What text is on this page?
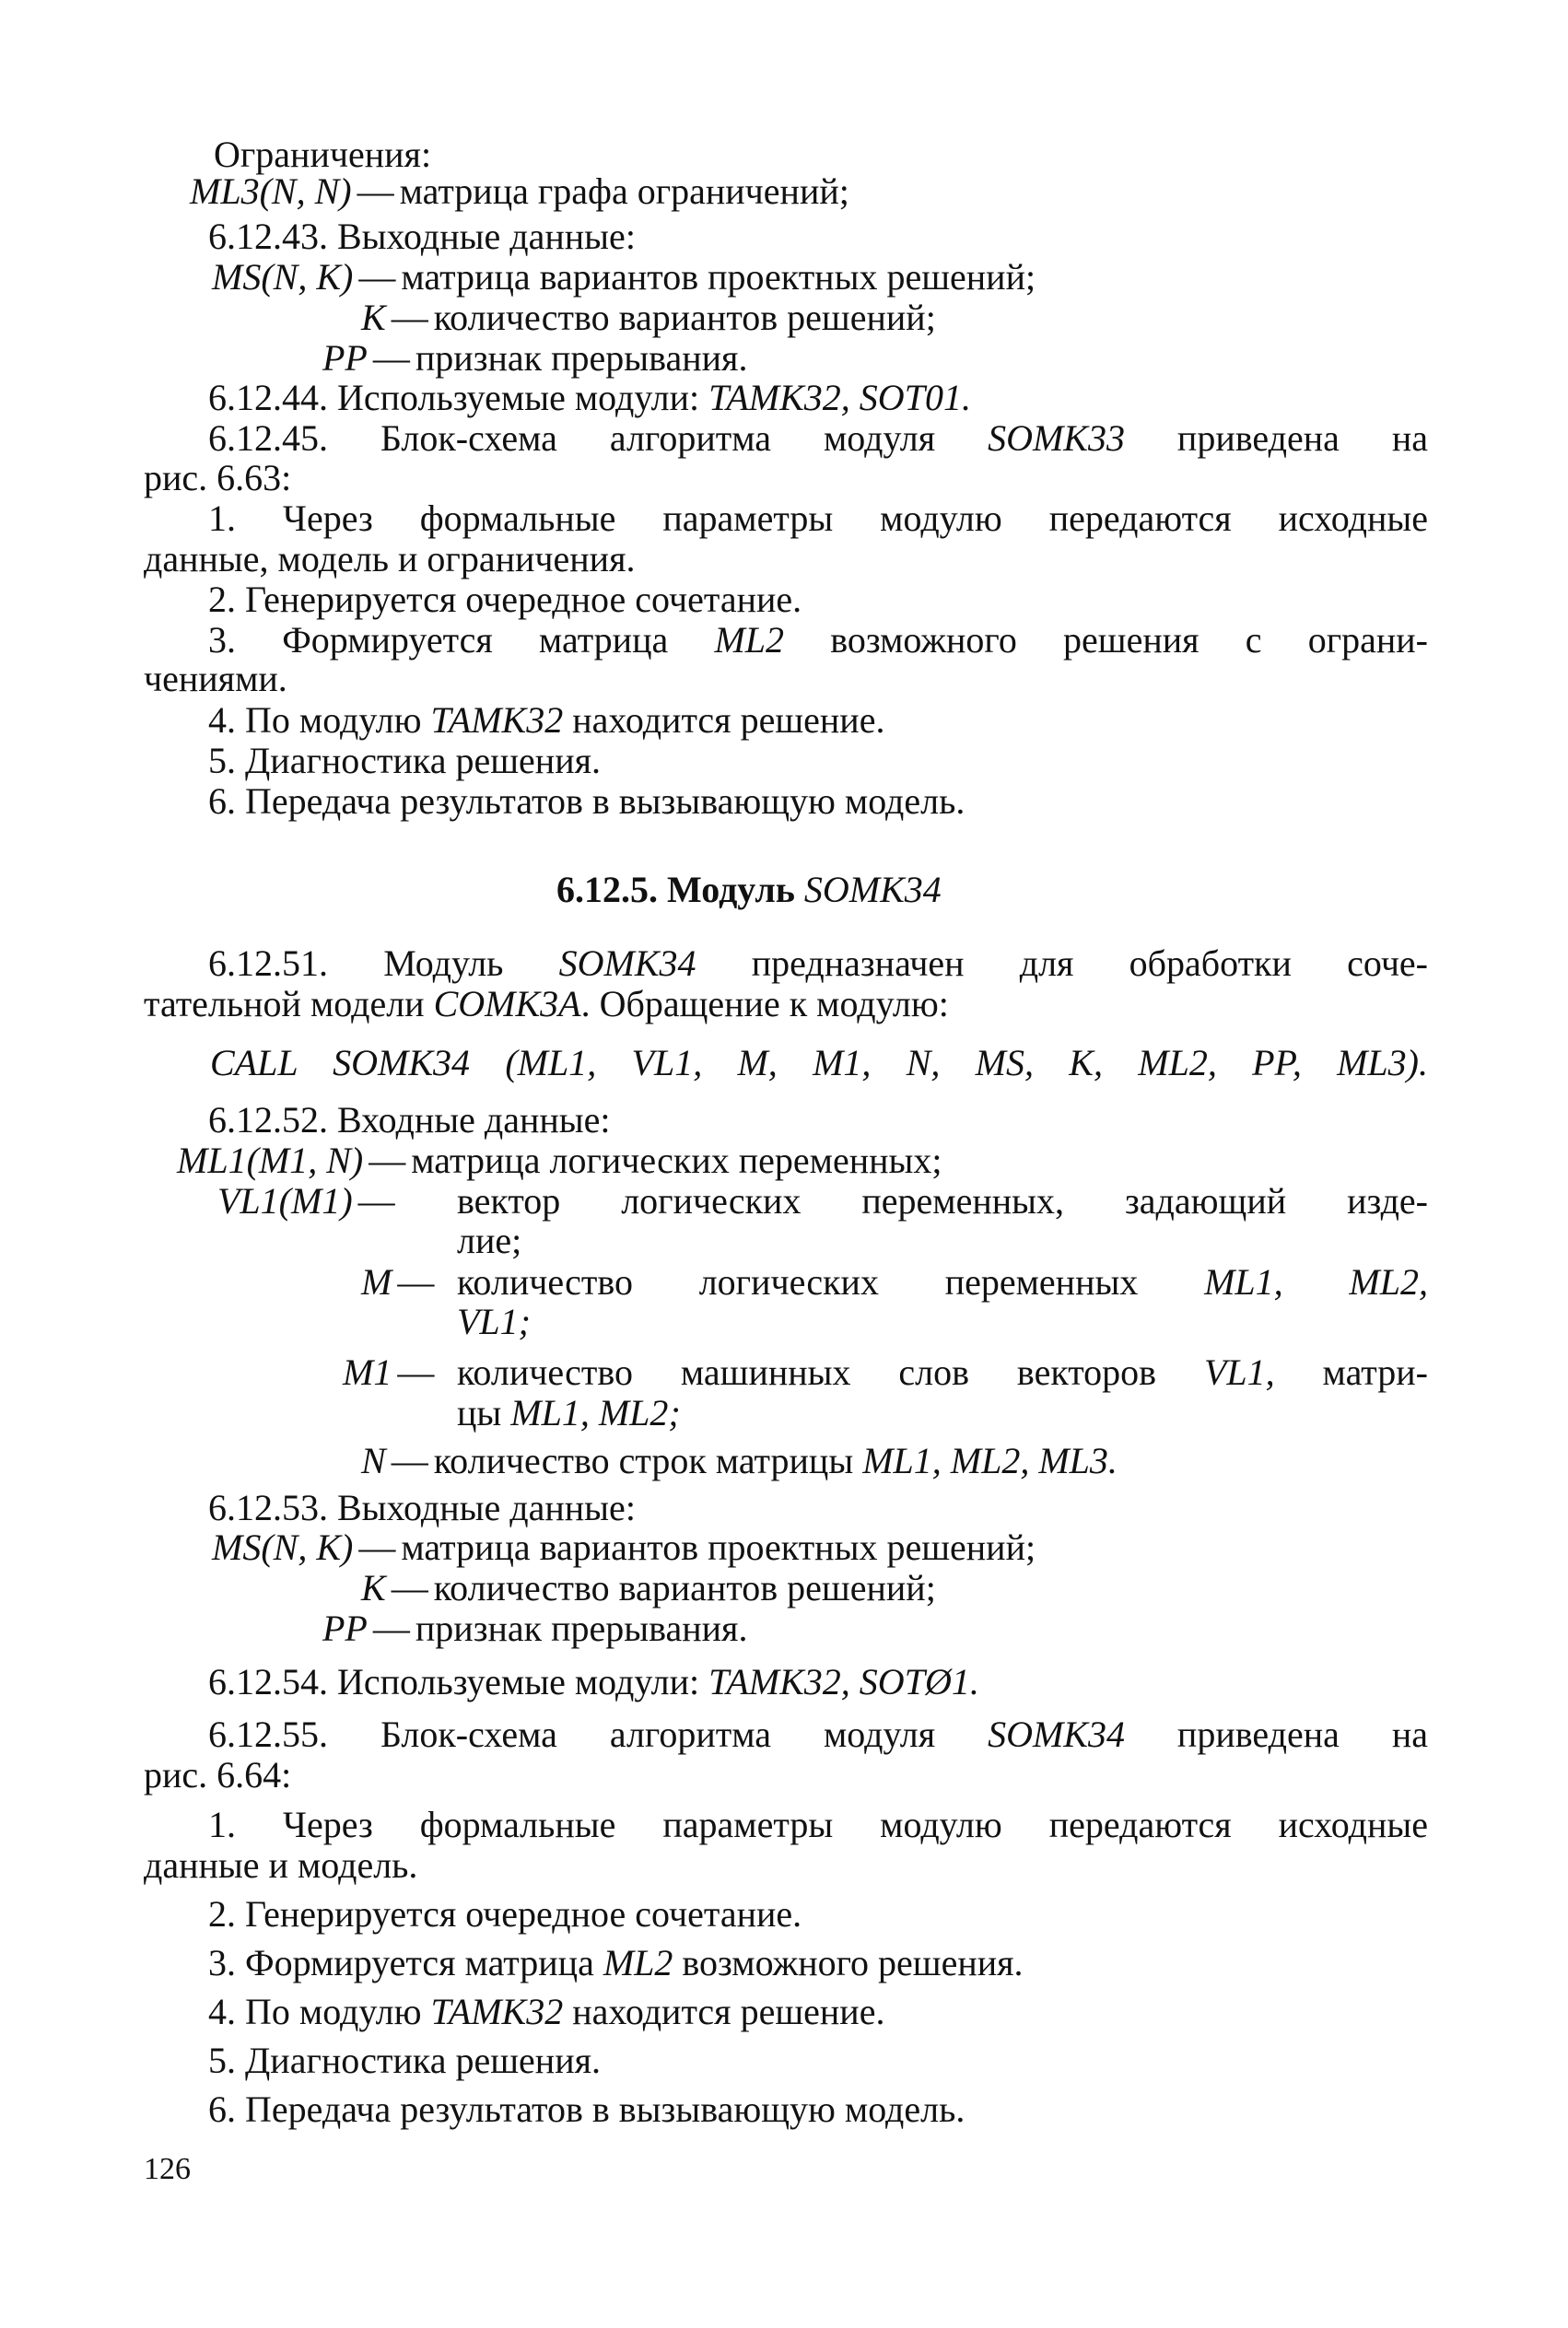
Ограничения:
ML3(N, N) — матрица графа ограничений;
6.12.43. Выходные данные:
MS(N, K) — матрица вариантов проектных решений;
K — количество вариантов решений;
PP — признак прерывания.
6.12.44. Используемые модули: TAMK32, SOT01.
6.12.45. Блок-схема алгоритма модуля SOMK33 приведена на
рис. 6.63:
1. Через формальные параметры модулю передаются исходные
данные, модель и ограничения.
2. Генерируется очередное сочетание.
3. Формируется матрица ML2 возможного решения с ограни-
чениями.
4. По модулю TAMK32 находится решение.
5. Диагностика решения.
6. Передача результатов в вызывающую модель.
6.12.5. Модуль SOMK34
6.12.51. Модуль SOMK34 предназначен для обработки соче-
тательной модели COMK3A. Обращение к модулю:
CALL SOMK34 (ML1, VL1, M, M1, N, MS, K, ML2, PP, ML3).
6.12.52. Входные данные:
ML1(M1, N) — матрица логических переменных;
VL1(M1) — вектор логических переменных, задающий изде-
лие;
M — количество логических переменных ML1, ML2,
VL1;
M1 — количество машинных слов векторов VL1, матри-
цы ML1, ML2;
N — количество строк матрицы ML1, ML2, ML3.
6.12.53. Выходные данные:
MS(N, K) — матрица вариантов проектных решений;
K — количество вариантов решений;
PP — признак прерывания.
6.12.54. Используемые модули: TAMK32, SOTØ1.
6.12.55. Блок-схема алгоритма модуля SOMK34 приведена на
рис. 6.64:
1. Через формальные параметры модулю передаются исходные
данные и модель.
2. Генерируется очередное сочетание.
3. Формируется матрица ML2 возможного решения.
4. По модулю TAMK32 находится решение.
5. Диагностика решения.
6. Передача результатов в вызывающую модель.
126
